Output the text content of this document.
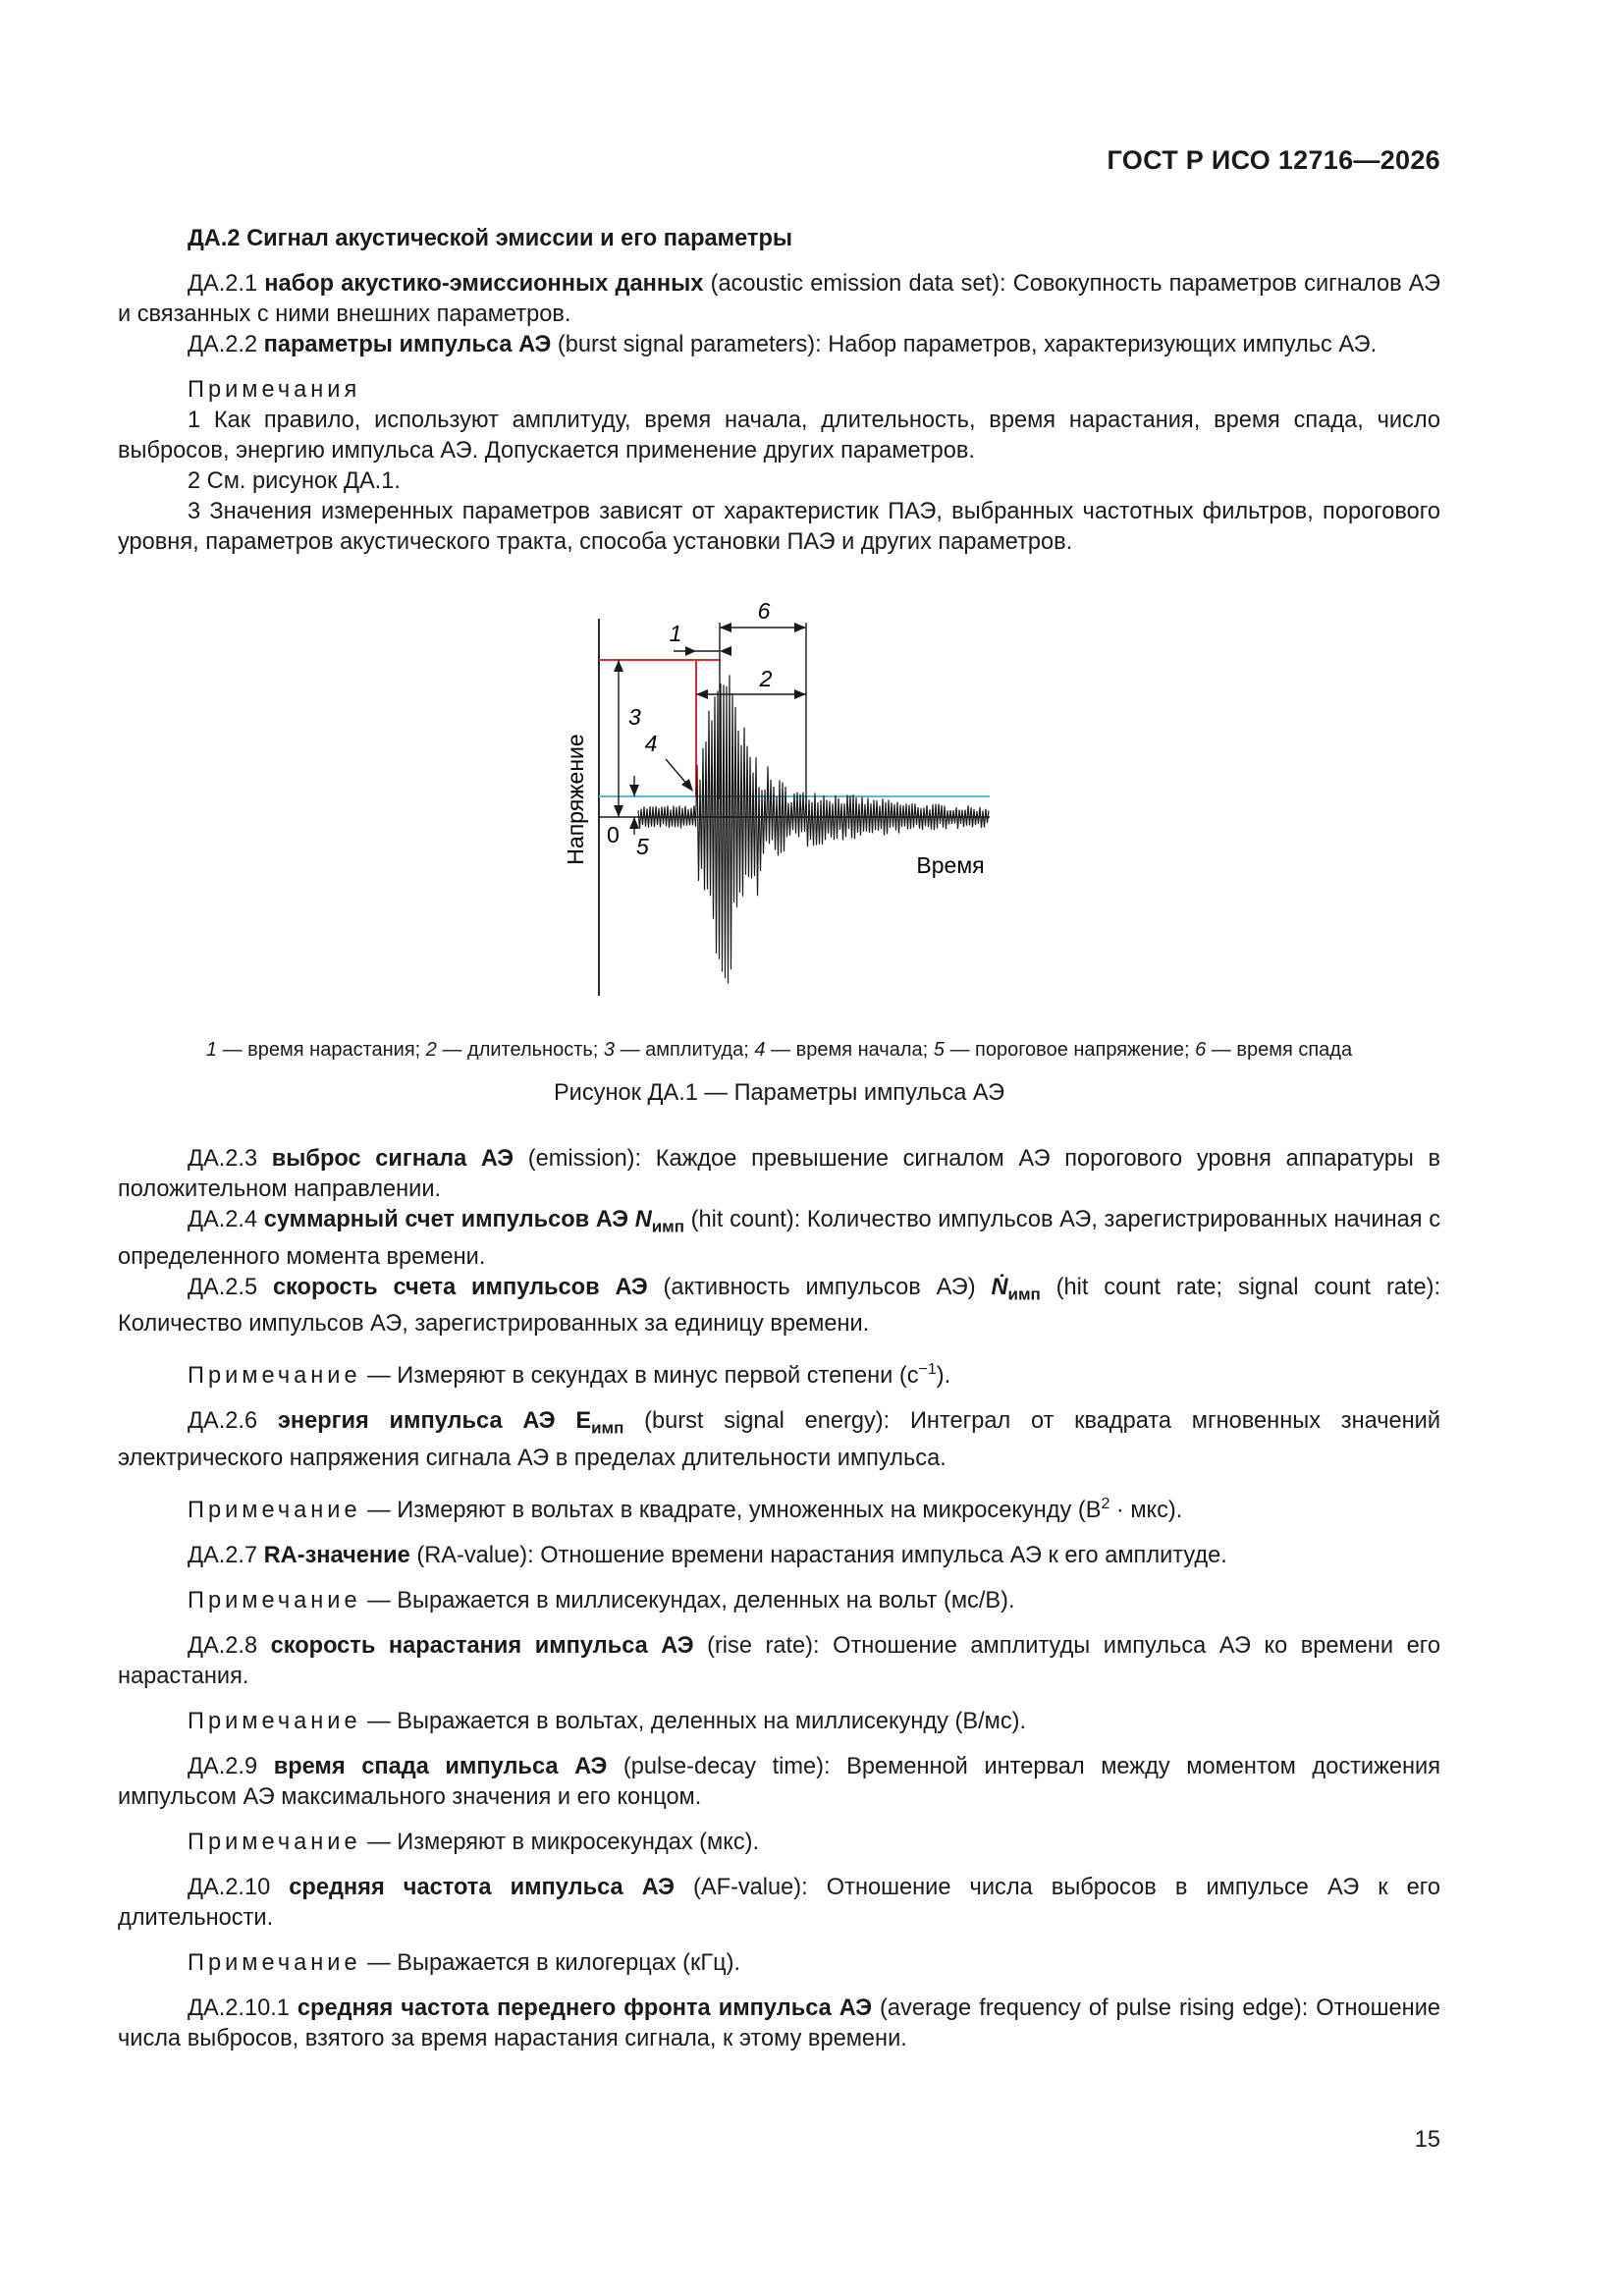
ГОСТ Р ИСО 12716—2026

ДА.2 Сигнал акустической эмиссии и его параметры

ДА.2.1 набор акустико-эмиссионных данных (acoustic emission data set): Совокупность параметров сигналов АЭ и связанных с ними внешних параметров.

ДА.2.2 параметры импульса АЭ (burst signal parameters): Набор параметров, характеризующих импульс АЭ.

Примечания

1 Как правило, используют амплитуду, время начала, длительность, время нарастания, время спада, число выбросов, энергию импульса АЭ. Допускается применение других параметров.

2 См. рисунок ДА.1.

3 Значения измеренных параметров зависят от характеристик ПАЭ, выбранных частотных фильтров, порогового уровня, параметров акустического тракта, способа установки ПАЭ и других параметров.

6
1
2
3
4
5
0
Время
Напряжение

1 — время нарастания; 2 — длительность; 3 — амплитуда; 4 — время начала; 5 — пороговое напряжение; 6 — время спада

Рисунок ДА.1 — Параметры импульса АЭ

ДА.2.3 выброс сигнала АЭ (emission): Каждое превышение сигналом АЭ порогового уровня аппаратуры в положительном направлении.

ДА.2.4 суммарный счет импульсов АЭ $N_{имп}$ (hit count): Количество импульсов АЭ, зарегистрированных начиная с определенного момента времени.

ДА.2.5 скорость счета импульсов АЭ (активность импульсов АЭ) Ṅ$_{имп}$ (hit count rate; signal count rate): Количество импульсов АЭ, зарегистрированных за единицу времени.

Примечание — Измеряют в секундах в минус первой степени $(с^{-1})$.

ДА.2.6 энергия импульса АЭ $Е_{имп}$ (burst signal energy): Интеграл от квадрата мгновенных значений электрического напряжения сигнала АЭ в пределах длительности импульса.

Примечание — Измеряют в вольтах в квадрате, умноженных на микросекунду $(В^2 \cdot мкс)$.

ДА.2.7 RA-значение (RA-value): Отношение времени нарастания импульса АЭ к его амплитуде.

Примечание — Выражается в миллисекундах, деленных на вольт (мс/В).

ДА.2.8 скорость нарастания импульса АЭ (rise rate): Отношение амплитуды импульса АЭ ко времени его нарастания.

Примечание — Выражается в вольтах, деленных на миллисекунду (В/мс).

ДА.2.9 время спада импульса АЭ (pulse-decay time): Временной интервал между моментом достижения импульсом АЭ максимального значения и его концом.

Примечание — Измеряют в микросекундах (мкс).

ДА.2.10 средняя частота импульса АЭ (AF-value): Отношение числа выбросов в импульсе АЭ к его длительности.

Примечание — Выражается в килогерцах (кГц).

ДА.2.10.1 средняя частота переднего фронта импульса АЭ (average frequency of pulse rising edge): Отношение числа выбросов, взятого за время нарастания сигнала, к этому времени.

15
